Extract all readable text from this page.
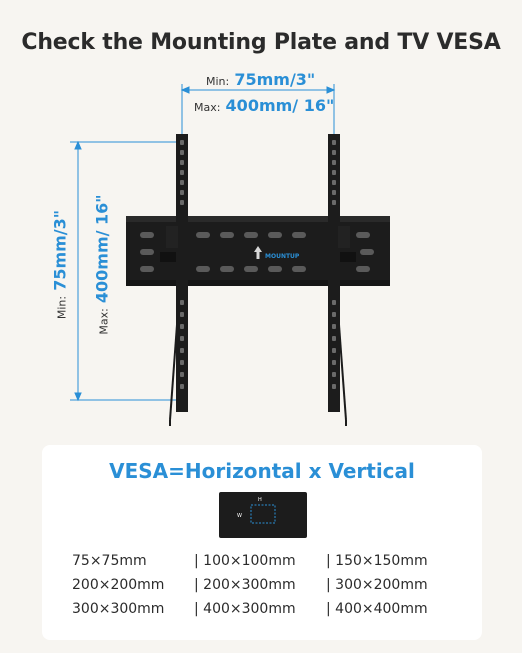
Check the Mounting Plate and TV VESA
Min: 75mm/3"
Max: 400mm/ 16"
Min: 75mm/3"
Max: 400mm/ 16"	MOUNTUP
VESA=Horizontal x Vertical
H
W
75×75mm	| 100×100mm | 150×150mm
200×200mm | 200×300mm | 300×200mm
300×300mm | 400×300mm | 400×400mm
